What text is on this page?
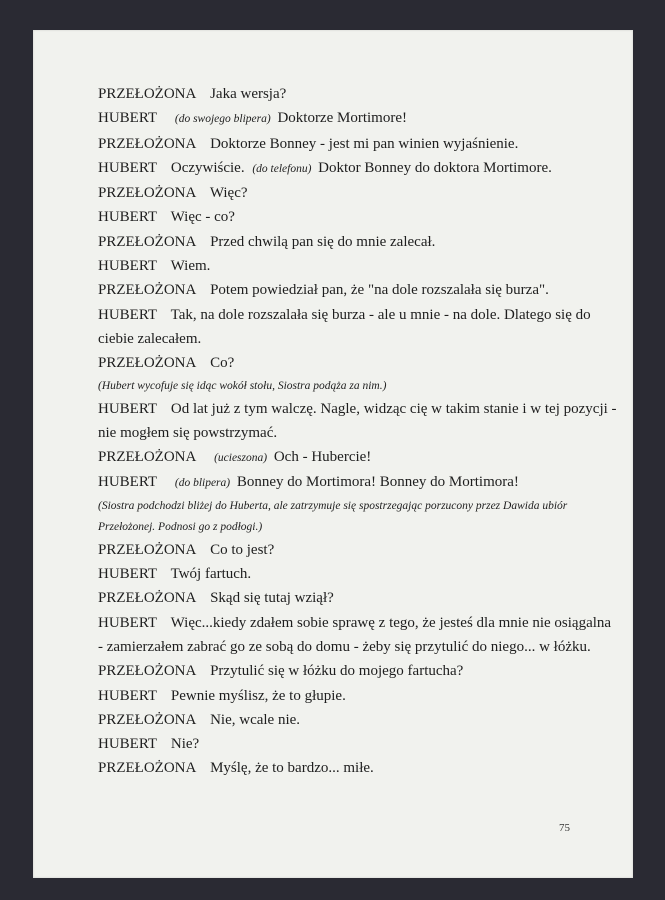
PRZEŁOŻONA Jaka wersja?

HUBERT (do swojego blipera) Doktorze Mortimore!

PRZEŁOŻONA Doktorze Bonney - jest mi pan winien wyjaśnienie.

HUBERT Oczywiście. (do telefonu) Doktor Bonney do doktora Mortimore.

PRZEŁOŻONA Więc?

HUBERT Więc - co?

PRZEŁOŻONA Przed chwilą pan się do mnie zalecał.

HUBERT Wiem.

PRZEŁOŻONA Potem powiedział pan, że "na dole rozszalała się burza".

HUBERT Tak, na dole rozszalała się burza - ale u mnie - na dole. Dlatego się do ciebie zalecałem.

PRZEŁOŻONA Co?

(Hubert wycofuje się idąc wokół stołu, Siostra podąża za nim.)

HUBERT Od lat już z tym walczę. Nagle, widząc cię w takim stanie i w tej pozycji - nie mogłem się powstrzymać.

PRZEŁOŻONA (ucieszona) Och - Hubercie!

HUBERT (do blipera) Bonney do Mortimora! Bonney do Mortimora!

(Siostra podchodzi bliżej do Huberta, ale zatrzymuje się spostrzegając porzucony przez Dawida ubiór Przełożonej. Podnosi go z podłogi.)

PRZEŁOŻONA Co to jest?

HUBERT Twój fartuch.

PRZEŁOŻONA Skąd się tutaj wziął?

HUBERT Więc...kiedy zdałem sobie sprawę z tego, że jesteś dla mnie nie osiągalna - zamierzałem zabrać go ze sobą do domu - żeby się przytulić do niego... w łóżku.

PRZEŁOŻONA Przytulić się w łóżku do mojego fartucha?

HUBERT Pewnie myślisz, że to głupie.

PRZEŁOŻONA Nie, wcale nie.

HUBERT Nie?

PRZEŁOŻONA Myślę, że to bardzo... miłe.

75
